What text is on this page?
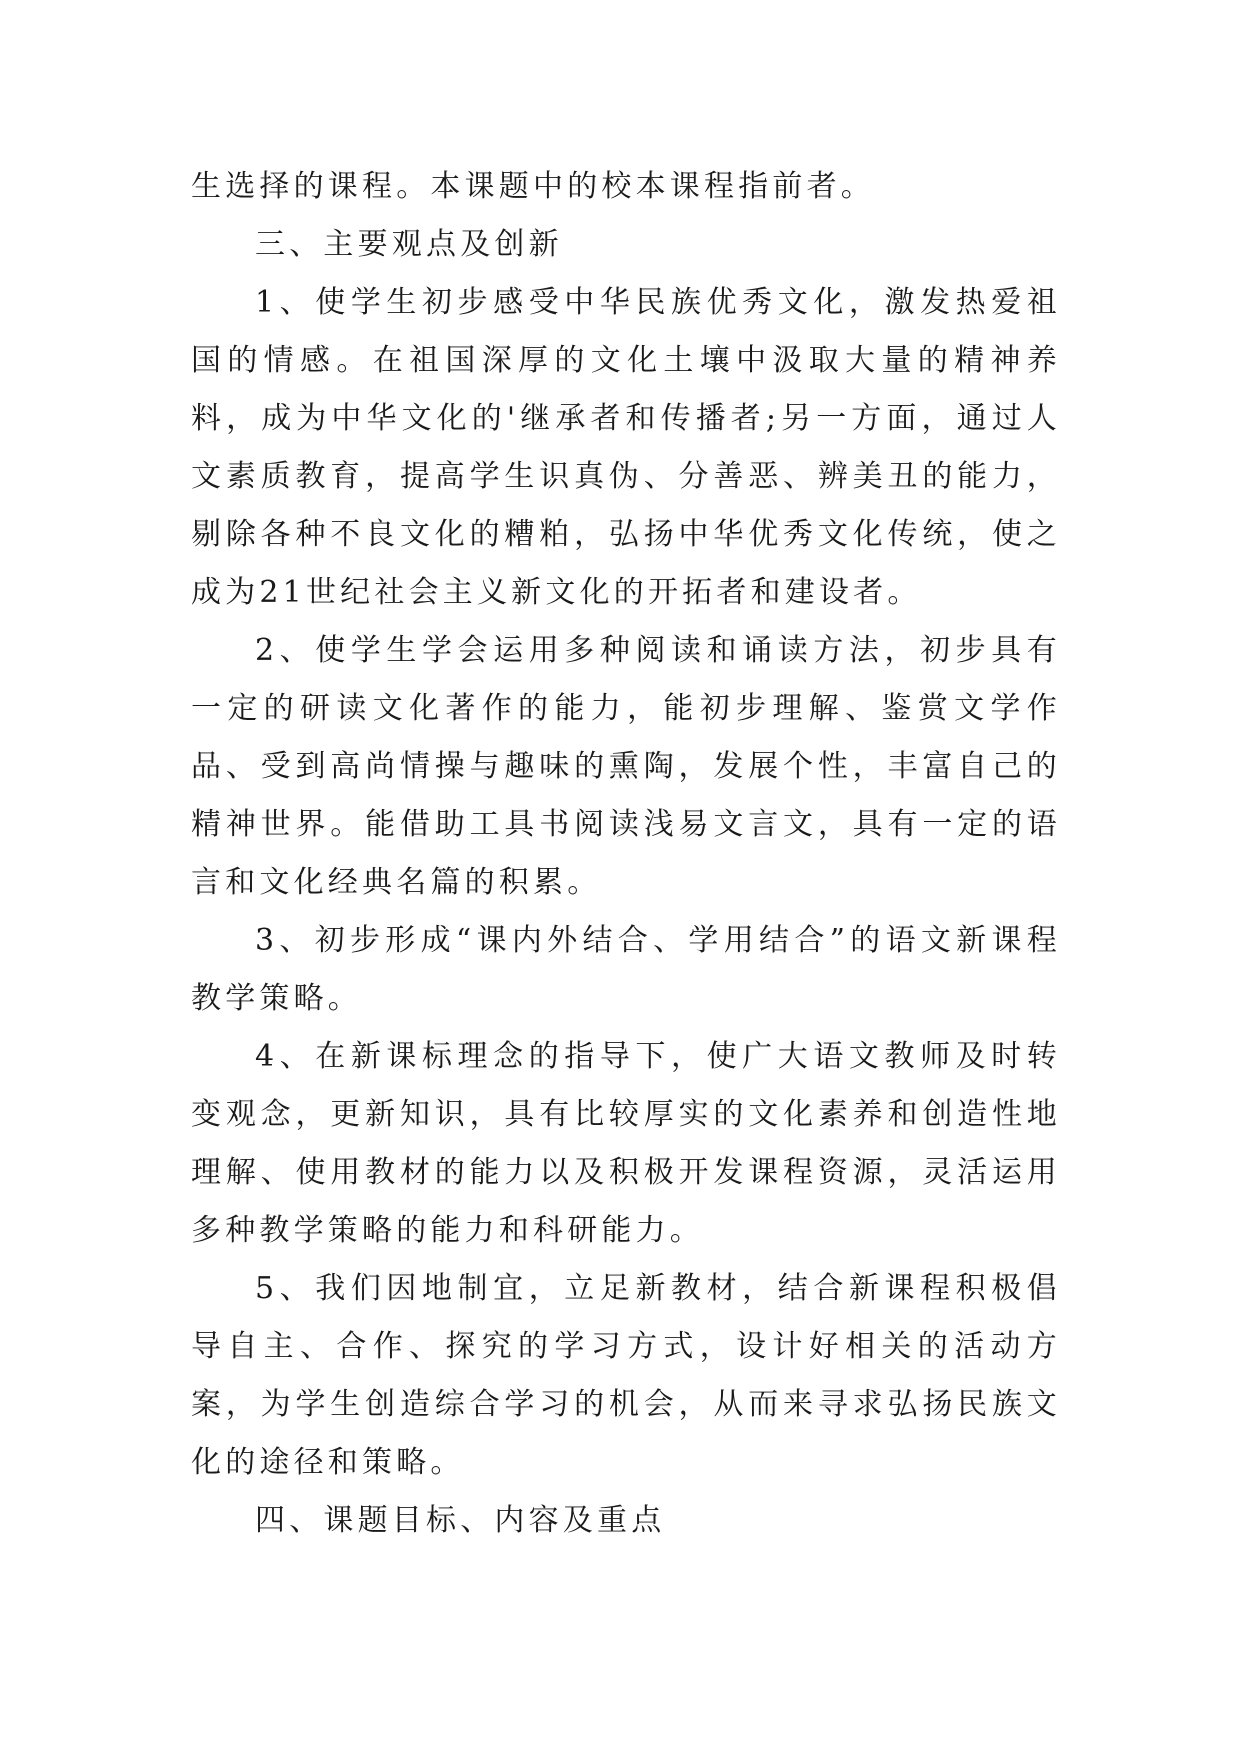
生选择的课程。本课题中的校本课程指前者。

三、主要观点及创新

1、使学生初步感受中华民族优秀文化，激发热爱祖国的情感。在祖国深厚的文化土壤中汲取大量的精神养料，成为中华文化的'继承者和传播者;另一方面，通过人文素质教育，提高学生识真伪、分善恶、辨美丑的能力，剔除各种不良文化的糟粕，弘扬中华优秀文化传统，使之成为21世纪社会主义新文化的开拓者和建设者。

2、使学生学会运用多种阅读和诵读方法，初步具有一定的研读文化著作的能力，能初步理解、鉴赏文学作品、受到高尚情操与趣味的熏陶，发展个性，丰富自己的精神世界。能借助工具书阅读浅易文言文，具有一定的语言和文化经典名篇的积累。

3、初步形成“课内外结合、学用结合”的语文新课程教学策略。

4、在新课标理念的指导下，使广大语文教师及时转变观念，更新知识，具有比较厚实的文化素养和创造性地理解、使用教材的能力以及积极开发课程资源，灵活运用多种教学策略的能力和科研能力。

5、我们因地制宜，立足新教材，结合新课程积极倡导自主、合作、探究的学习方式，设计好相关的活动方案，为学生创造综合学习的机会，从而来寻求弘扬民族文化的途径和策略。

四、课题目标、内容及重点
